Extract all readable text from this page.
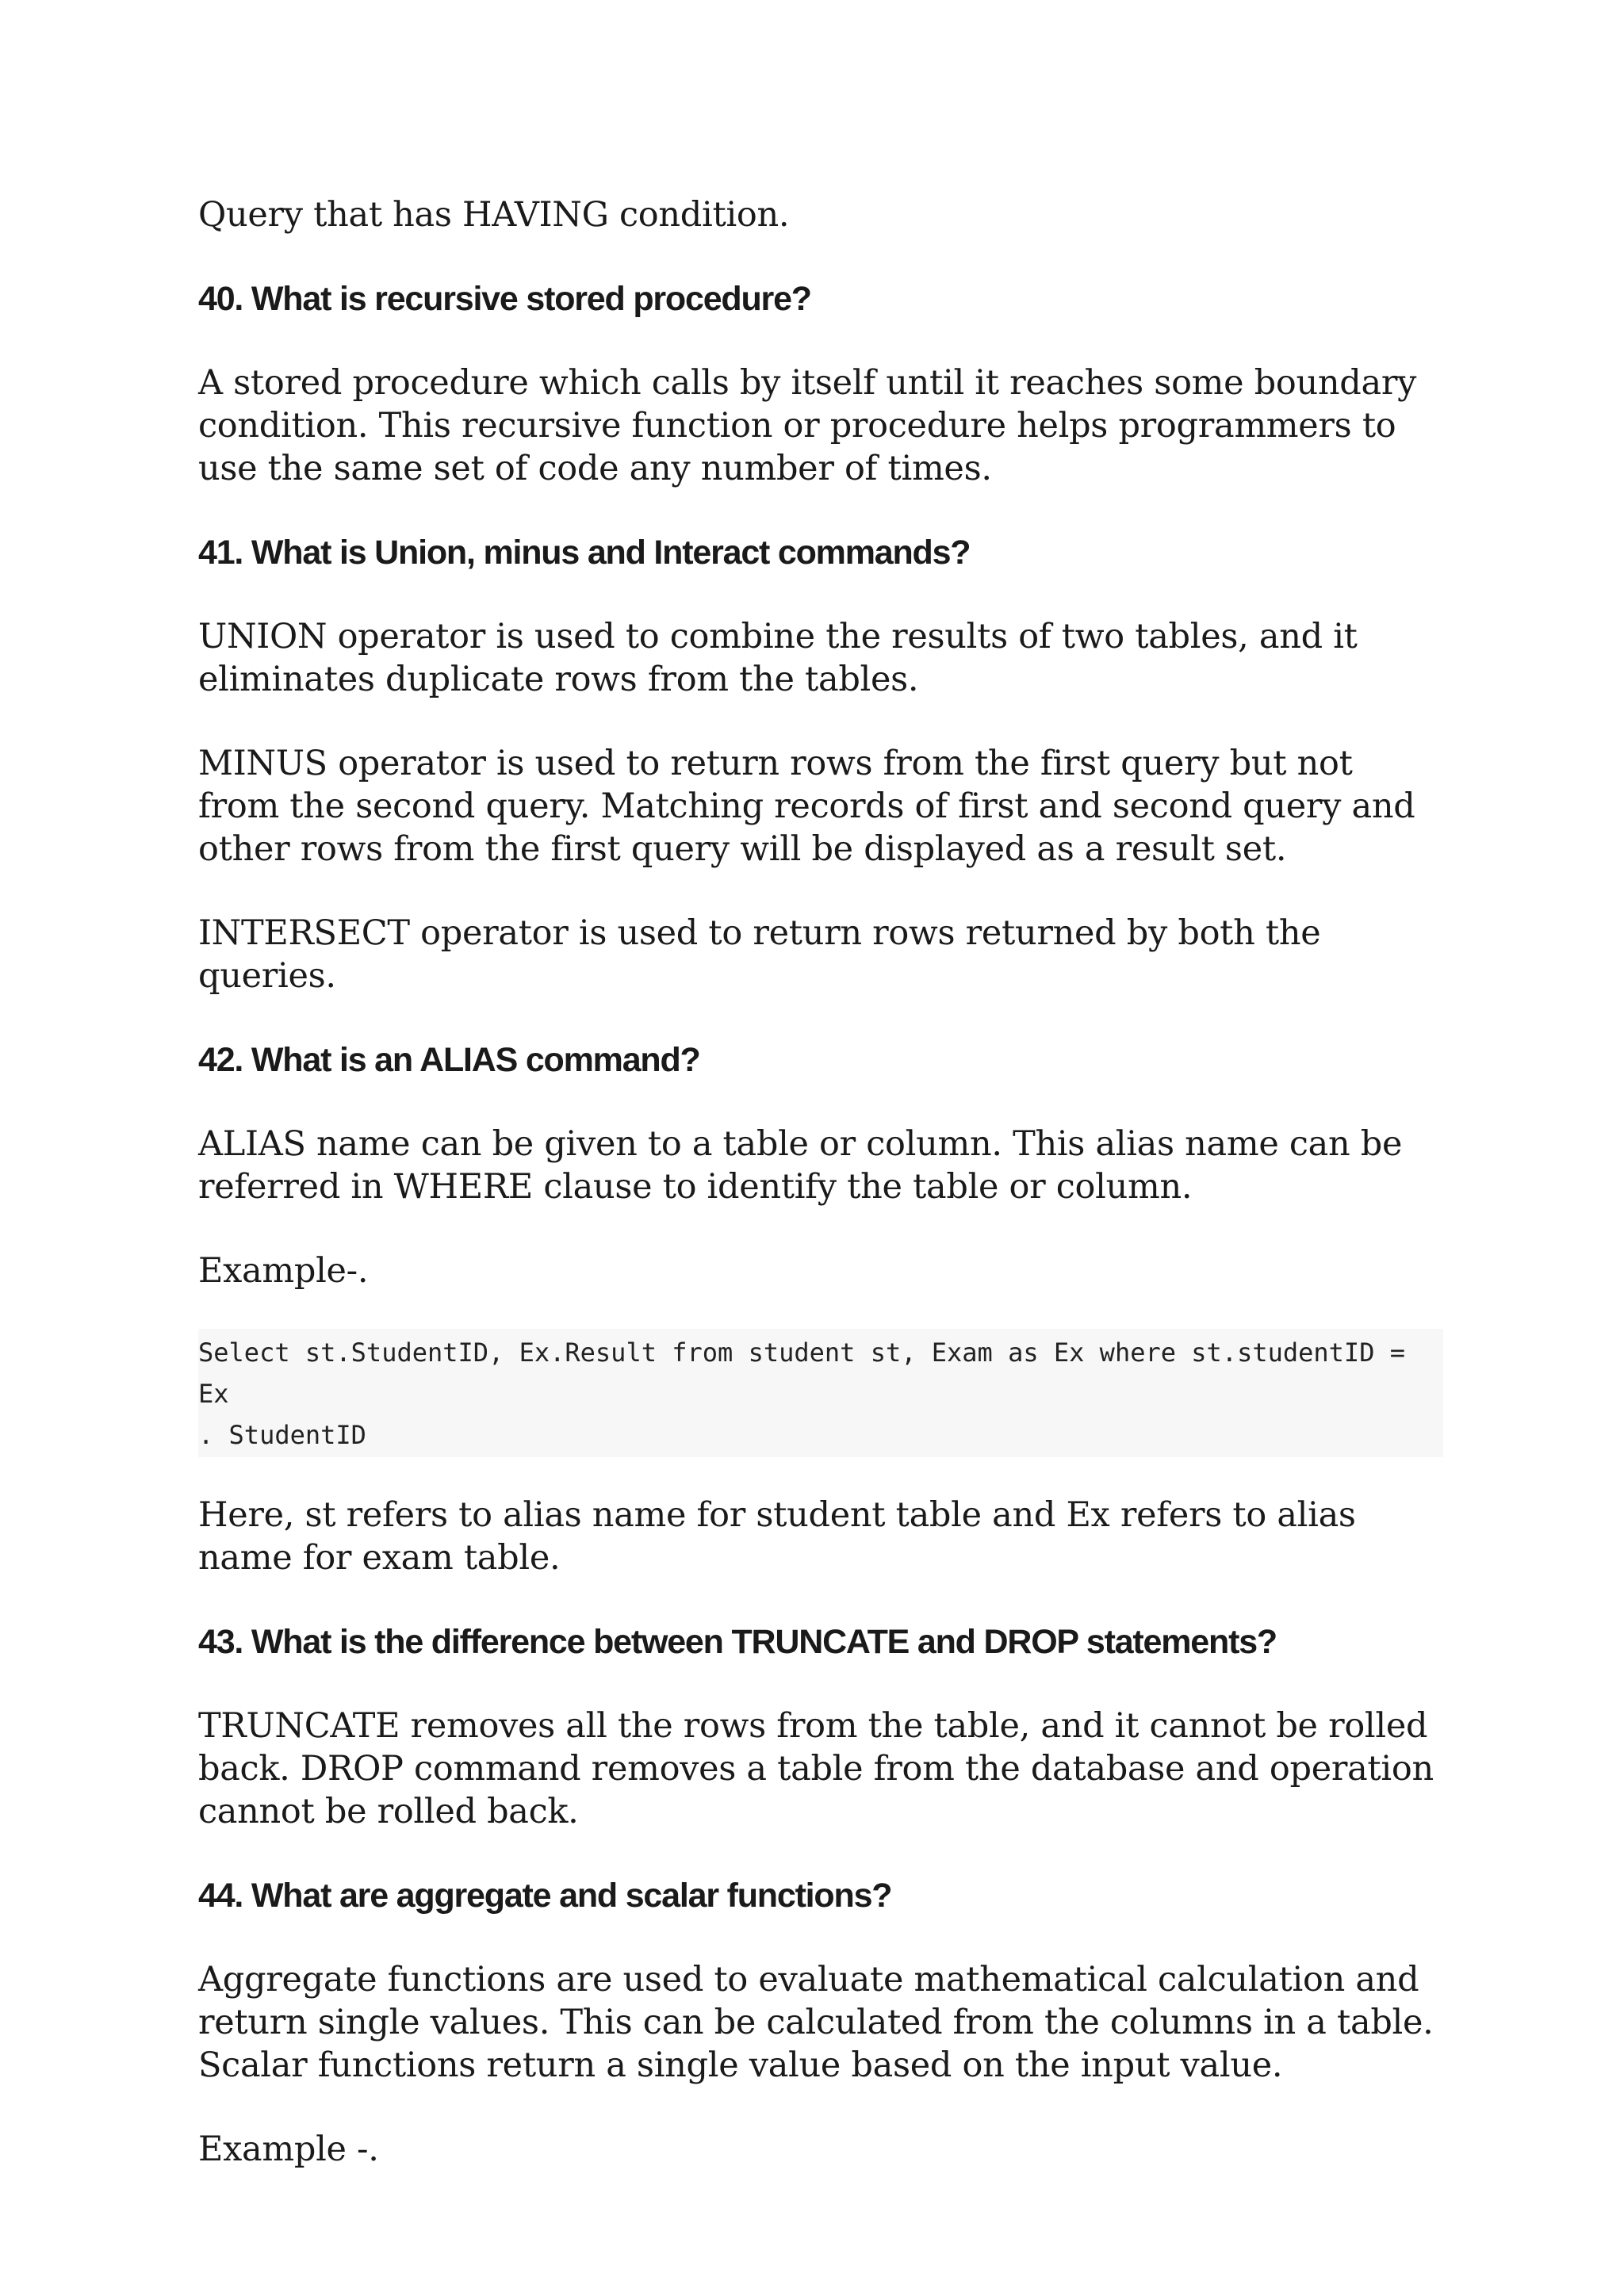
Query that has HAVING condition.

40. What is recursive stored procedure?

A stored procedure which calls by itself until it reaches some boundary condition. This recursive function or procedure helps programmers to use the same set of code any number of times.

41. What is Union, minus and Interact commands?

UNION operator is used to combine the results of two tables, and it eliminates duplicate rows from the tables.

MINUS operator is used to return rows from the first query but not from the second query. Matching records of first and second query and other rows from the first query will be displayed as a result set.

INTERSECT operator is used to return rows returned by both the queries.

42. What is an ALIAS command?

ALIAS name can be given to a table or column. This alias name can be referred in WHERE clause to identify the table or column.

Example-.

Select st.StudentID, Ex.Result from student st, Exam as Ex where st.studentID = Ex
. StudentID

Here, st refers to alias name for student table and Ex refers to alias name for exam table.

43. What is the difference between TRUNCATE and DROP statements?

TRUNCATE removes all the rows from the table, and it cannot be rolled back. DROP command removes a table from the database and operation cannot be rolled back.

44. What are aggregate and scalar functions?

Aggregate functions are used to evaluate mathematical calculation and return single values. This can be calculated from the columns in a table. Scalar functions return a single value based on the input value.

Example -.
